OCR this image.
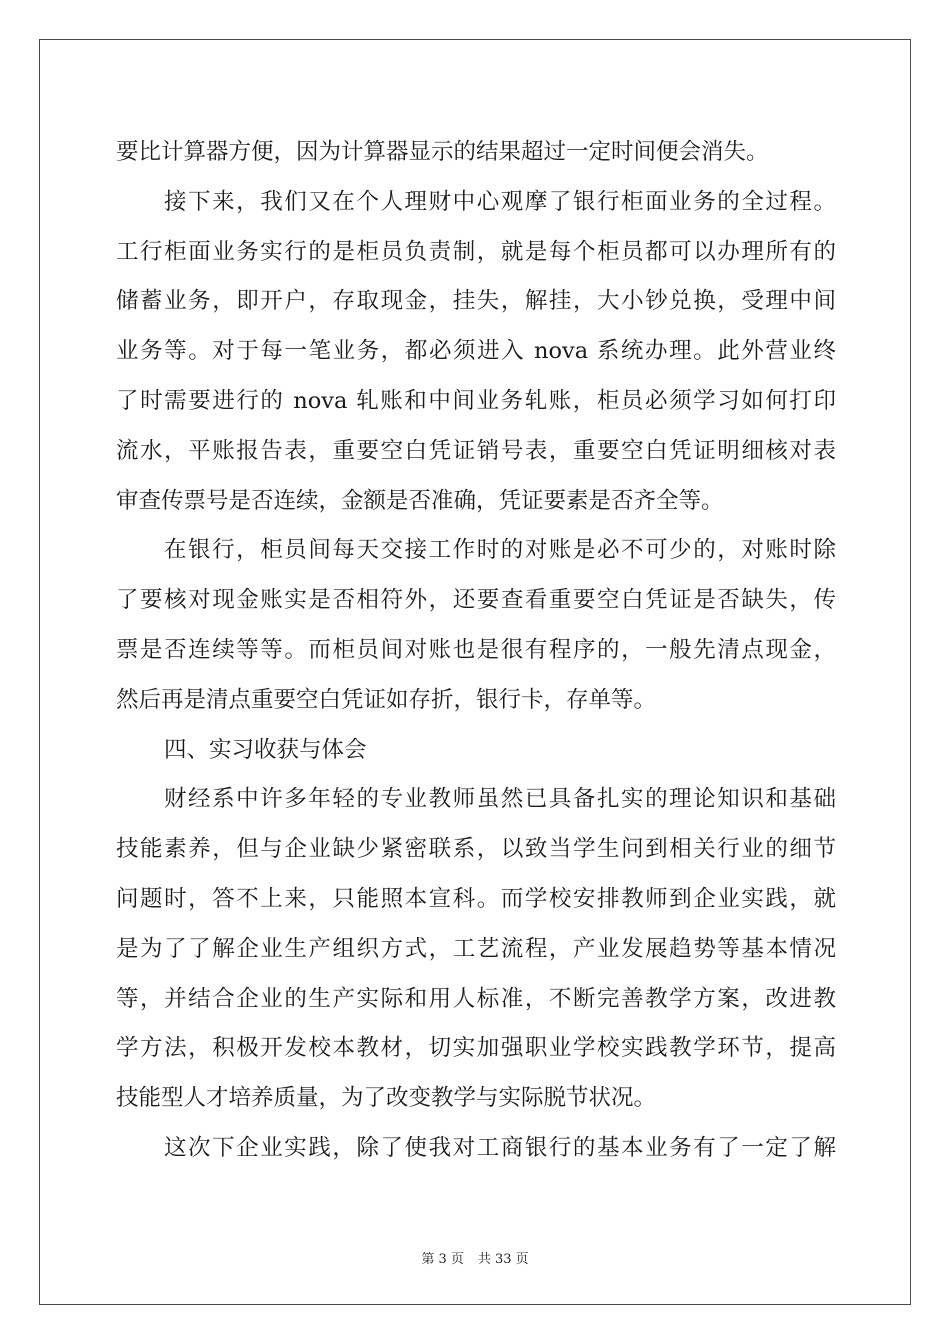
要比计算器方便，因为计算器显示的结果超过一定时间便会消失。
接下来，我们又在个人理财中心观摩了银行柜面业务的全过程。
工行柜面业务实行的是柜员负责制，就是每个柜员都可以办理所有的
储蓄业务，即开户，存取现金，挂失，解挂，大小钞兑换，受理中间
业务等。对于每一笔业务，都必须进入 nova 系统办理。此外营业终
了时需要进行的 nova 轧账和中间业务轧账，柜员必须学习如何打印
流水，平账报告表，重要空白凭证销号表，重要空白凭证明细核对表
审查传票号是否连续，金额是否准确，凭证要素是否齐全等。
在银行，柜员间每天交接工作时的对账是必不可少的，对账时除
了要核对现金账实是否相符外，还要查看重要空白凭证是否缺失，传
票是否连续等等。而柜员间对账也是很有程序的，一般先清点现金，
然后再是清点重要空白凭证如存折，银行卡，存单等。
四、实习收获与体会
财经系中许多年轻的专业教师虽然已具备扎实的理论知识和基础
技能素养，但与企业缺少紧密联系，以致当学生问到相关行业的细节
问题时，答不上来，只能照本宣科。而学校安排教师到企业实践，就
是为了了解企业生产组织方式，工艺流程，产业发展趋势等基本情况
等，并结合企业的生产实际和用人标准，不断完善教学方案，改进教
学方法，积极开发校本教材，切实加强职业学校实践教学环节，提高
技能型人才培养质量，为了改变教学与实际脱节状况。
这次下企业实践，除了使我对工商银行的基本业务有了一定了解
第 3 页 共 33 页
